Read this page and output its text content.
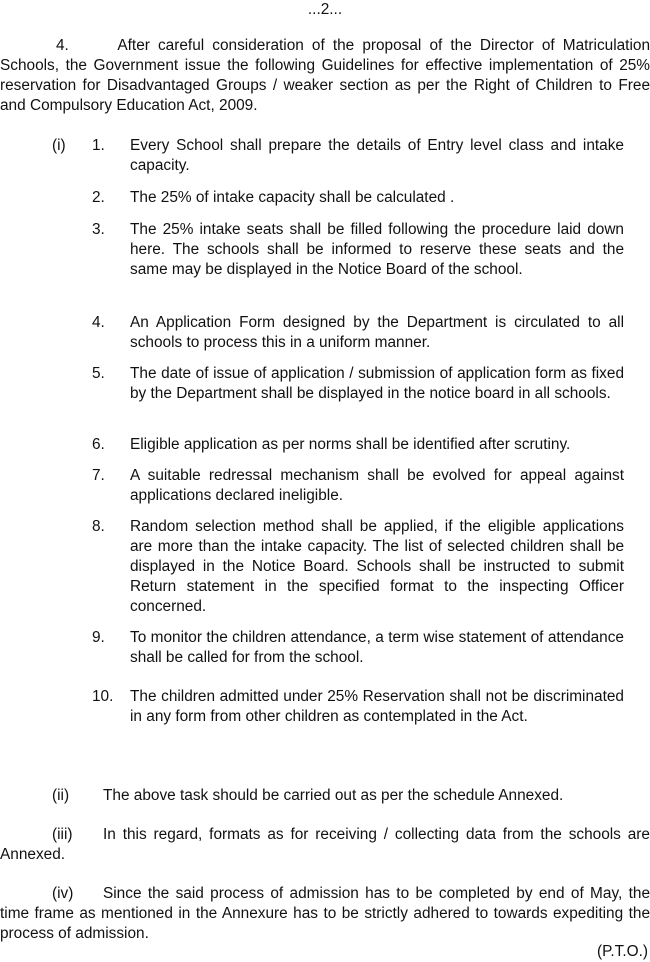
...2...
4.	After careful consideration of the proposal of the Director of Matriculation Schools, the Government issue the following Guidelines for effective implementation of 25% reservation for Disadvantaged Groups / weaker section as per the Right of Children to Free and Compulsory Education Act, 2009.
(i) 1. Every School shall prepare the details of Entry level class and intake capacity.
2. The 25% of intake capacity shall be calculated .
3. The 25% intake seats shall be filled following the procedure laid down here. The schools shall be informed to reserve these seats and the same may be displayed in the Notice Board of the school.
4. An Application Form designed by the Department is circulated to all schools to process this in a uniform manner.
5. The date of issue of application / submission of application form as fixed by the Department shall be displayed in the notice board in all schools.
6. Eligible application as per norms shall be identified after scrutiny.
7. A suitable redressal mechanism shall be evolved for appeal against applications declared ineligible.
8. Random selection method shall be applied, if the eligible applications are more than the intake capacity. The list of selected children shall be displayed in the Notice Board. Schools shall be instructed to submit Return statement in the specified format to the inspecting Officer concerned.
9. To monitor the children attendance, a term wise statement of attendance shall be called for from the school.
10. The children admitted under 25% Reservation shall not be discriminated in any form from other children as contemplated in the Act.
(ii) The above task should be carried out as per the schedule Annexed.
(iii) In this regard, formats as for receiving / collecting data from the schools are Annexed.
(iv) Since the said process of admission has to be completed by end of May, the time frame as mentioned in the Annexure has to be strictly adhered to towards expediting the process of admission.
(P.T.O.)
